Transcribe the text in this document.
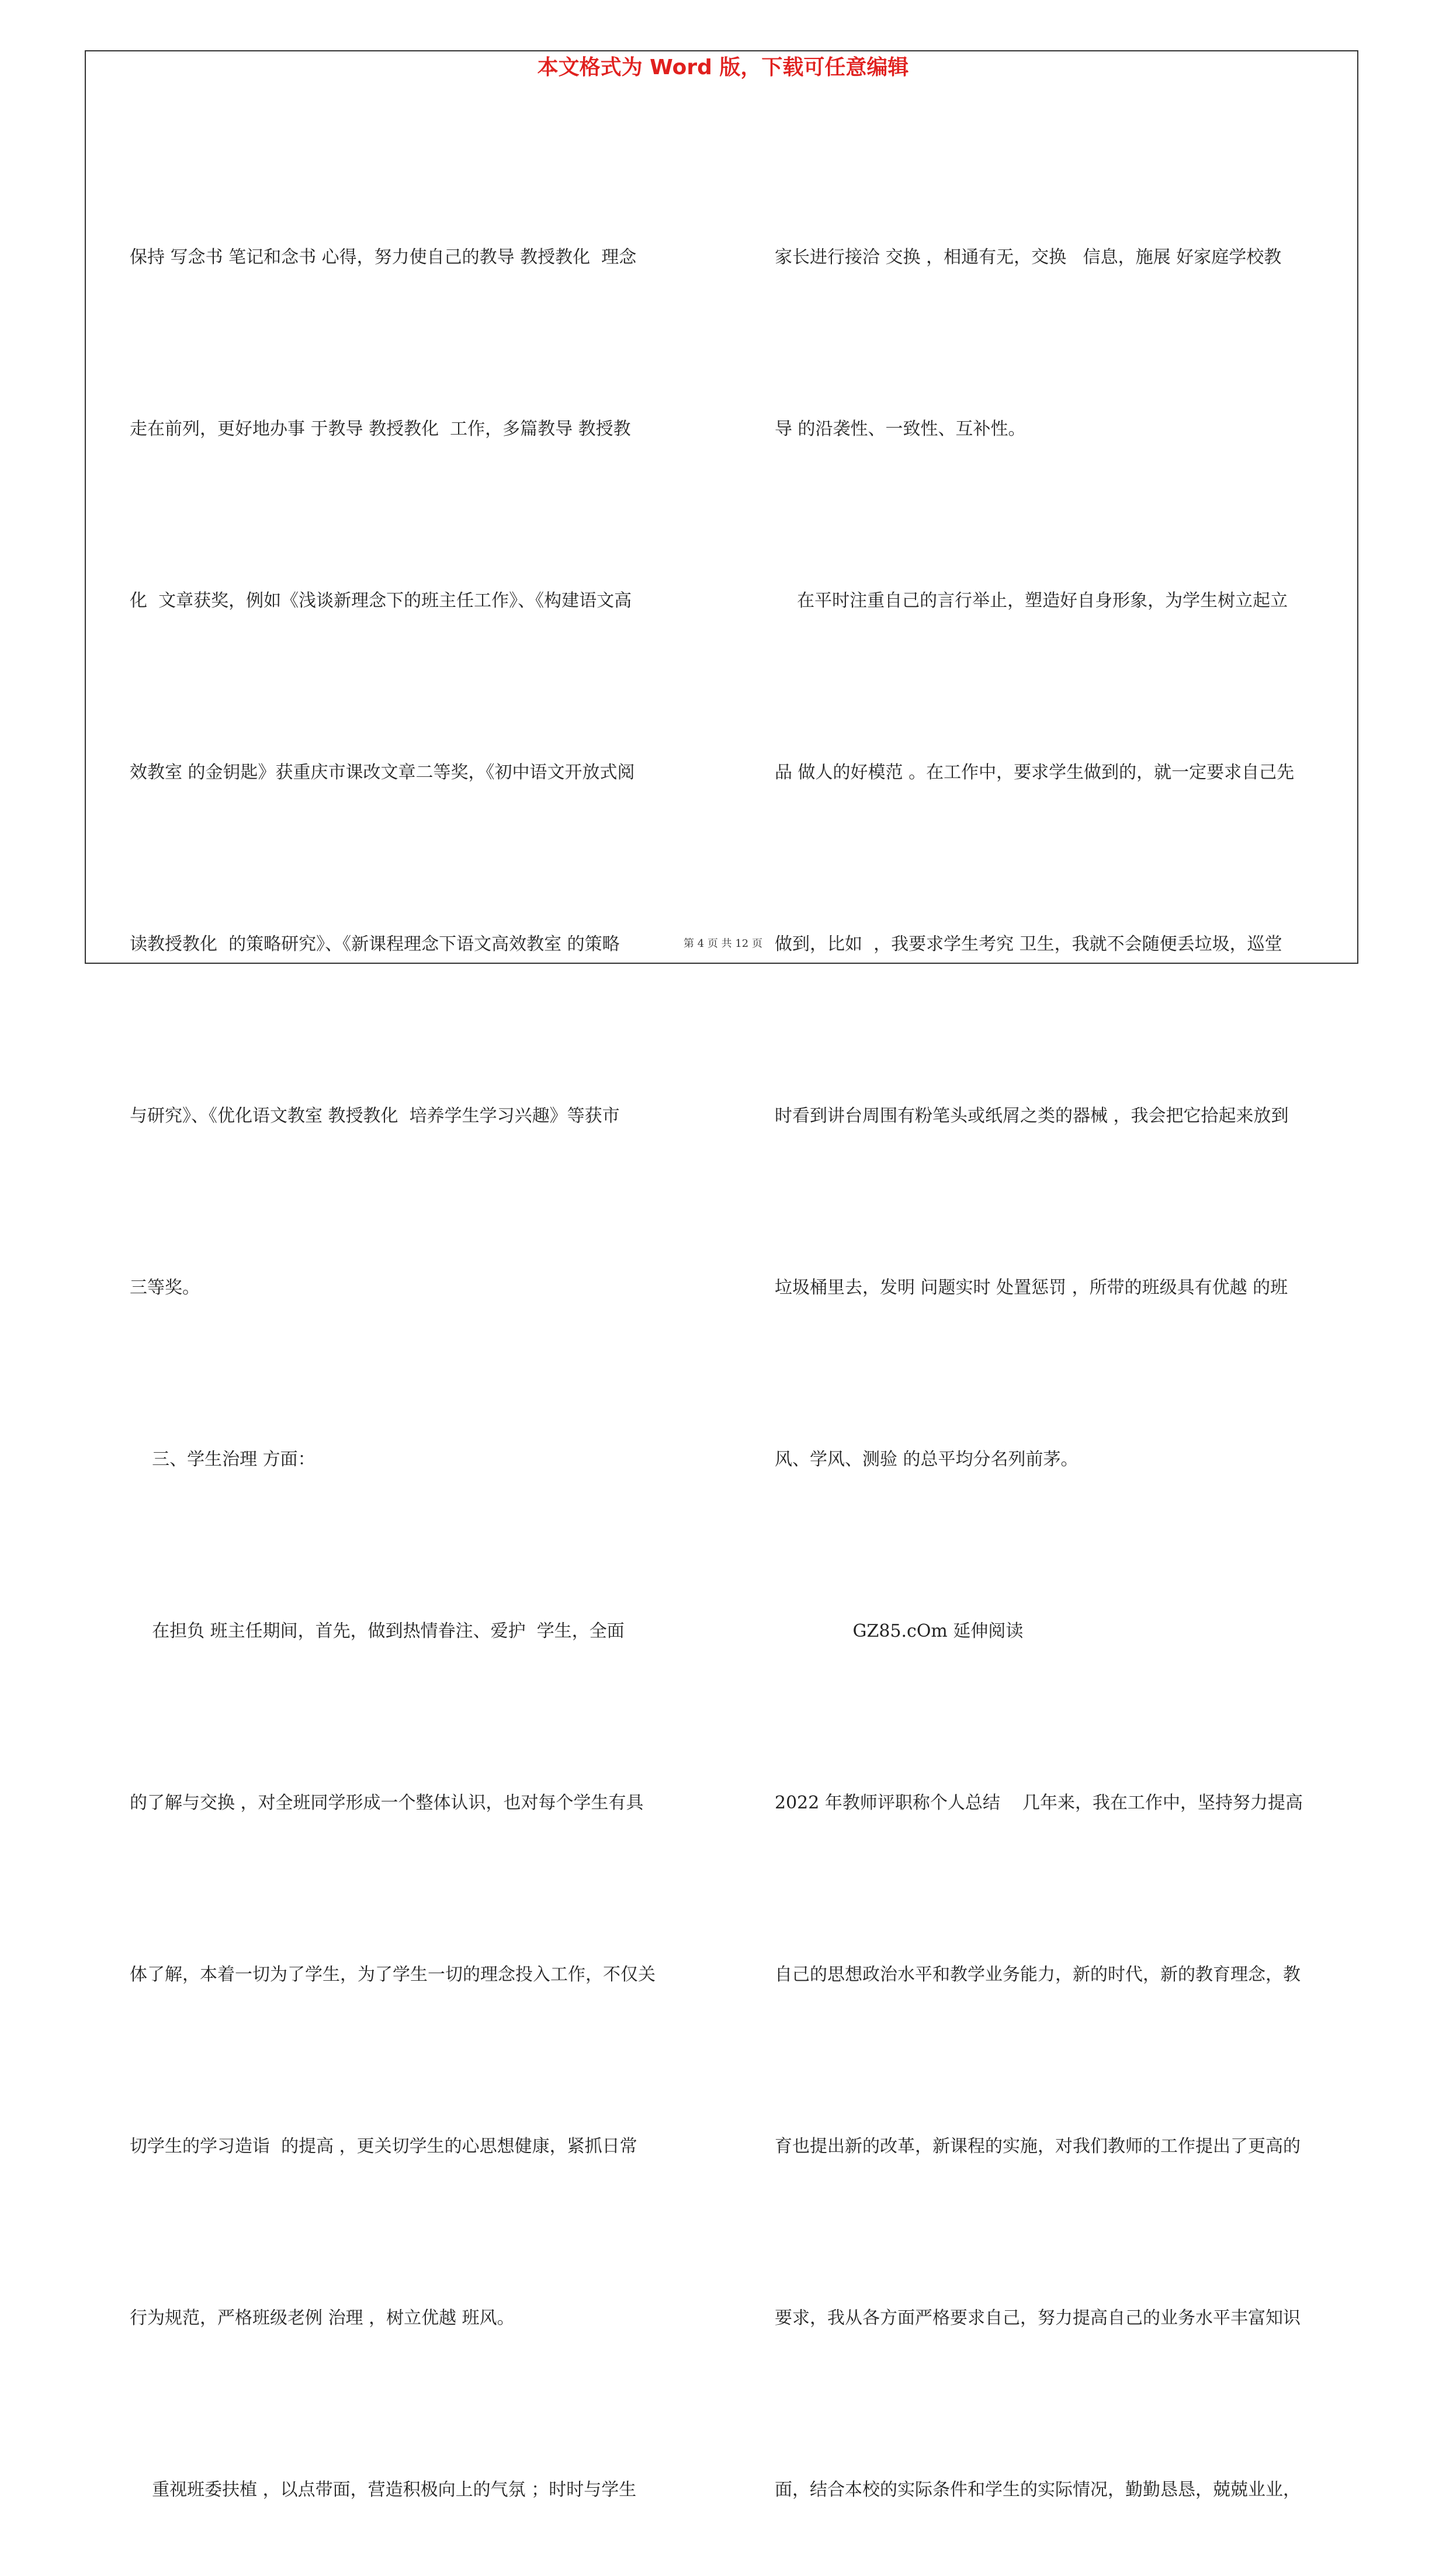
本文格式为 Word 版，下载可任意编辑

保持 写念书 笔记和念书 心得，努力使自己的教导 教授教化  理念

走在前列，更好地办事 于教导 教授教化  工作，多篇教导 教授教

化  文章获奖，例如《浅谈新理念下的班主任工作》、《构建语文高

效教室 的金钥匙》获重庆市课改文章二等奖，《初中语文开放式阅

读教授教化  的策略研究》、《新课程理念下语文高效教室 的策略

与研究》、《优化语文教室 教授教化  培养学生学习兴趣》等获市

三等奖。

三、学生治理 方面：

在担负 班主任期间，首先，做到热情眷注、爱护  学生，全面

的了解与交换 ，对全班同学形成一个整体认识，也对每个学生有具

体了解，本着一切为了学生，为了学生一切的理念投入工作，不仅关

切学生的学习造诣  的提高 ，更关切学生的心思想健康，紧抓日常

行为规范，严格班级老例 治理 ，树立优越 班风。

重视班委扶植 ，以点带面，营造积极向上的气氛 ；时时与学生

家长进行接洽 交换 ，相通有无，交换   信息，施展 好家庭学校教

导 的沿袭性、一致性、互补性。

在平时注重自己的言行举止，塑造好自身形象，为学生树立起立

品 做人的好模范 。在工作中，要求学生做到的，就一定要求自己先

做到，比如  ，我要求学生考究 卫生，我就不会随便丢垃圾，巡堂

时看到讲台周围有粉笔头或纸屑之类的器械 ，我会把它拾起来放到

垃圾桶里去，发明 问题实时 处置惩罚 ，所带的班级具有优越 的班

风、学风、测验 的总平均分名列前茅。

GZ85.cOm 延伸阅读

2022 年教师评职称个人总结    几年来，我在工作中，坚持努力提高

自己的思想政治水平和教学业务能力，新的时代，新的教育理念，教

育也提出新的改革，新课程的实施，对我们教师的工作提出了更高的

要求，我从各方面严格要求自己，努力提高自己的业务水平丰富知识

面，结合本校的实际条件和学生的实际情况，勤勤恳恳，兢兢业业，

第 4 页 共 12 页
